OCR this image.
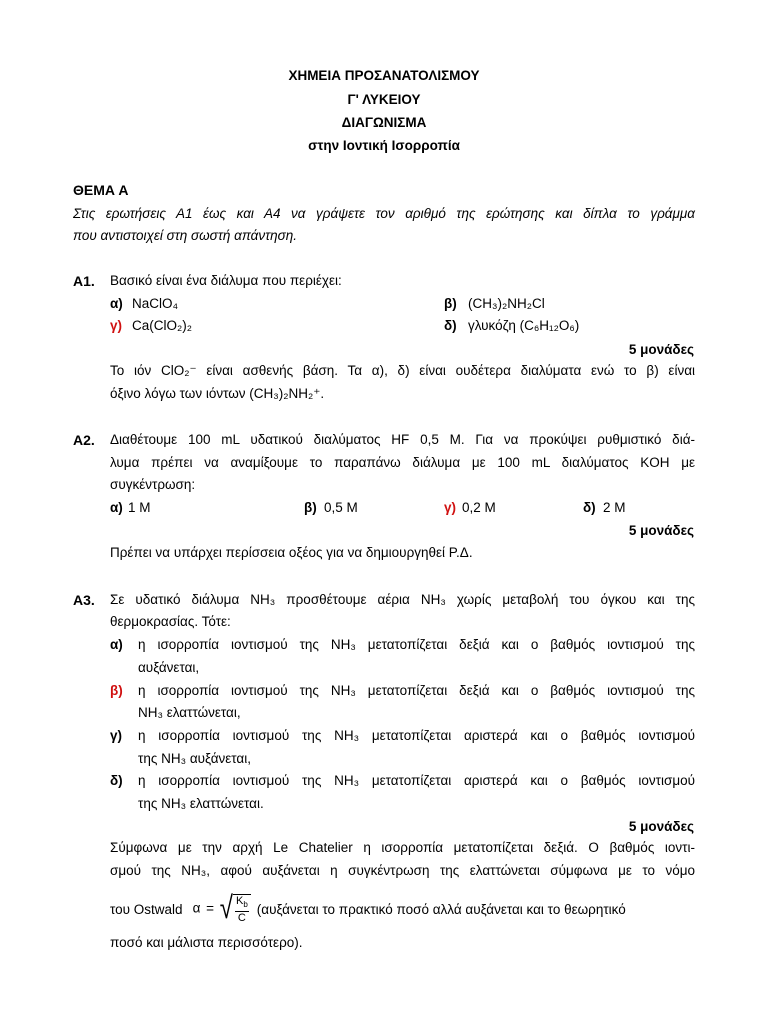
ΧΗΜΕΙΑ ΠΡΟΣΑΝΑΤΟΛΙΣΜΟΥ
Γ' ΛΥΚΕΙΟΥ
ΔΙΑΓΩΝΙΣΜΑ
στην Ιοντική Ισορροπία
ΘΕΜΑ Α
Στις ερωτήσεις Α1 έως και Α4 να γράψετε τον αριθμό της ερώτησης και δίπλα το γράμμα
που αντιστοιχεί στη σωστή απάντηση.
Α1. Βασικό είναι ένα διάλυμα που περιέχει:
α) NaClO₄	β) (CH₃)₂NH₂Cl
γ) Ca(ClO₂)₂	δ) γλυκόζη (C₆H₁₂O₆)
5 μονάδες
Το ιόν ClO₂⁻ είναι ασθενής βάση. Τα α), δ) είναι ουδέτερα διαλύματα ενώ το β) είναι
όξινο λόγω των ιόντων (CH₃)₂NH₂⁺.
Α2. Διαθέτουμε 100 mL υδατικού διαλύματος HF 0,5 M. Για να προκύψει ρυθμιστικό διά-
λυμα πρέπει να αναμίξουμε το παραπάνω διάλυμα με 100 mL διαλύματος KOH με
συγκέντρωση:
α) 1 M	β) 0,5 M	γ) 0,2 M	δ) 2 M
5 μονάδες
Πρέπει να υπάρχει περίσσεια οξέος για να δημιουργηθεί Ρ.Δ.
Α3. Σε υδατικό διάλυμα NH₃ προσθέτουμε αέρια NH₃ χωρίς μεταβολή του όγκου και της
θερμοκρασίας. Τότε:
α) η ισορροπία ιοντισμού της NH₃ μετατοπίζεται δεξιά και ο βαθμός ιοντισμού της
αυξάνεται,
β) η ισορροπία ιοντισμού της NH₃ μετατοπίζεται δεξιά και ο βαθμός ιοντισμού της
NH₃ ελαττώνεται,
γ) η ισορροπία ιοντισμού της NH₃ μετατοπίζεται αριστερά και ο βαθμός ιοντισμού
της NH₃ αυξάνεται,
δ) η ισορροπία ιοντισμού της NH₃ μετατοπίζεται αριστερά και ο βαθμός ιοντισμού
της NH₃ ελαττώνεται.
5 μονάδες
Σύμφωνα με την αρχή Le Chatelier η ισορροπία μετατοπίζεται δεξιά. Ο βαθμός ιοντι-
σμού της NH₃, αφού αυξάνεται η συγκέντρωση της ελαττώνεται σύμφωνα με το νόμο
του Ostwald α = √ $\frac{K_b}{C} (\alpha\upsilon\xi ά\nu\varepsilon\tau\alpha\iota$ το πρακτικό ποσό αλλά αυξάνεται και το θεωρητικό
ποσό και μάλιστα περισσότερο).
